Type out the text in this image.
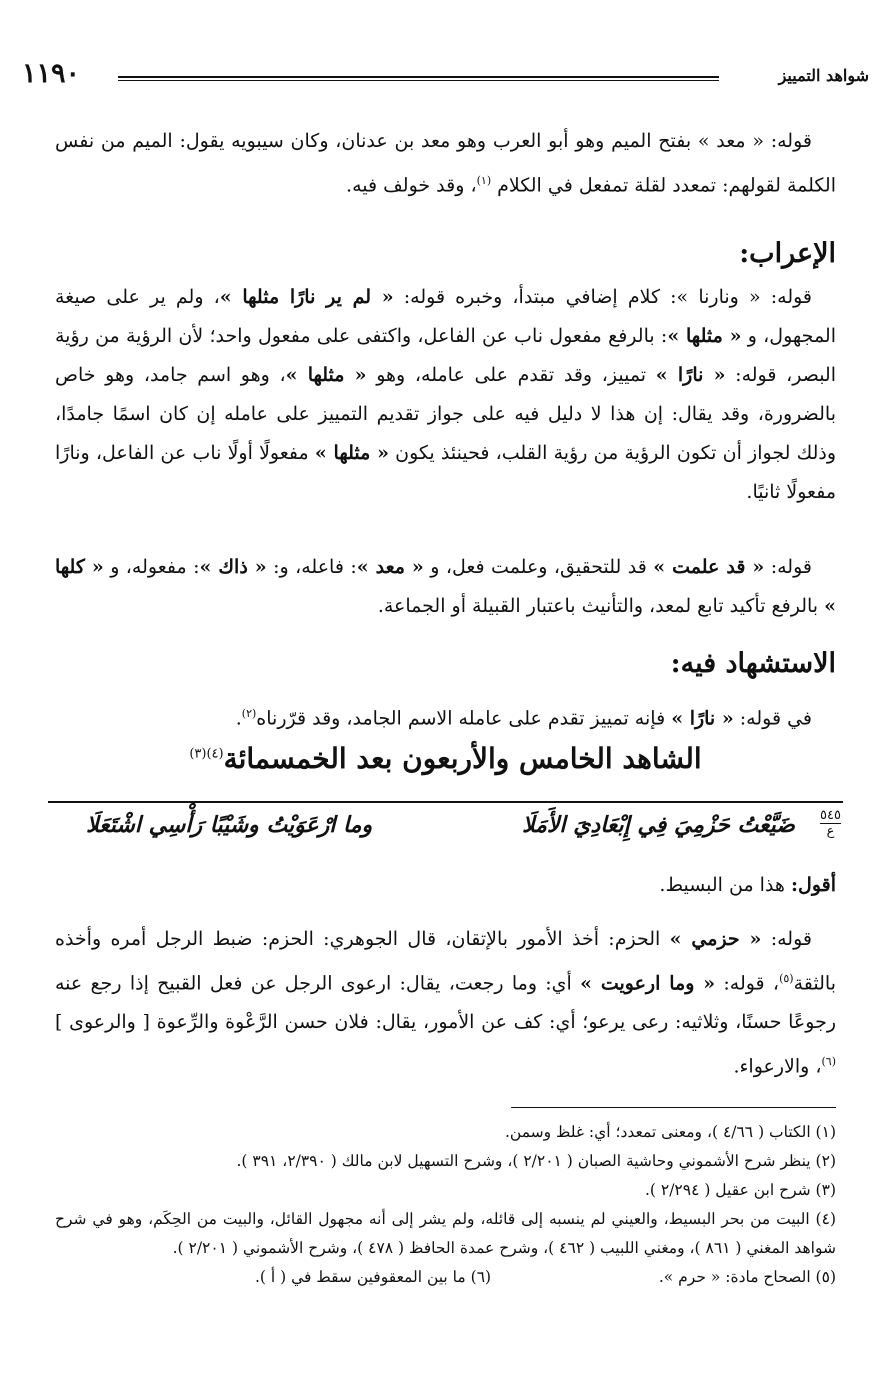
١١٩٠	شواهد التمييز
قوله: « معد » بفتح الميم وهو أبو العرب وهو معد بن عدنان، وكان سيبويه يقول: الميم من نفس الكلمة لقولهم: تمعدد لقلة تمفعل في الكلام $^{(١)}$، وقد خولف فيه.
الإعراب:
قوله: « ونارنا »: كلام إضافي مبتدأ، وخبره قوله: « لم ير نارًا مثلها »، ولم ير على صيغة المجهول، و « مثلها »: بالرفع مفعول ناب عن الفاعل، واكتفى على مفعول واحد؛ لأن الرؤية من رؤية البصر، قوله: « نارًا » تمييز، وقد تقدم على عامله، وهو « مثلها »، وهو اسم جامد، وهو خاص بالضرورة، وقد يقال: إن هذا لا دليل فيه على جواز تقديم التمييز على عامله إن كان اسمًا جامدًا، وذلك لجواز أن تكون الرؤية من رؤية القلب، فحينئذ يكون « مثلها » مفعولًا أولًا ناب عن الفاعل، ونارًا مفعولًا ثانيًا.
قوله: « قد علمت » قد للتحقيق، وعلمت فعل، و « معد »: فاعله، و: « ذاك »: مفعوله، و « كلها » بالرفع تأكيد تابع لمعد، والتأنيث باعتبار القبيلة أو الجماعة.
الاستشهاد فيه:
في قوله: « نارًا » فإنه تمييز تقدم على عامله الاسم الجامد، وقد قرّرناه$^{(٢)}$.
الشاهد الخامس والأربعون بعد الخمسمائة$^{(٤)(٣)}$
٥٤٥
ع
ضَيَّعْتُ حَزْمِيَ فِي إِبْعَادِيَ الأَمَلَا
وما ارْعَوَيْتُ وشَيْبًا رَأْسِي اشْتَعَلَا
أقول: هذا من البسيط.
قوله: « حزمي » الحزم: أخذ الأمور بالإتقان، قال الجوهري: الحزم: ضبط الرجل أمره وأخذه بالثقة$^{(٥)}$، قوله: « وما ارعويت » أي: وما رجعت، يقال: ارعوى الرجل عن فعل القبيح إذا رجع عنه رجوعًا حسنًا، وثلاثيه: رعى يرعو؛ أي: كف عن الأمور، يقال: فلان حسن الرَّعْوة والرِّعوة [ والرعوى ]$^{(٦)}$، والارعواء.
(١) الكتاب ( ٤/٦٦ )، ومعنى تمعدد؛ أي: غلظ وسمن.
(٢) ينظر شرح الأشموني وحاشية الصبان ( ٢/٢٠١ )، وشرح التسهيل لابن مالك ( ٢/٣٩٠، ٣٩١ ).
(٣) شرح ابن عقيل ( ٢/٢٩٤ ).
(٤) البيت من بحر البسيط، والعيني لم ينسبه إلى قائله، ولم يشر إلى أنه مجهول القائل، والبيت من الحِكَم، وهو في شرح شواهد المغني ( ٨٦١ )، ومغني اللبيب ( ٤٦٢ )، وشرح عمدة الحافظ ( ٤٧٨ )، وشرح الأشموني ( ٢/٢٠١ ).
(٥) الصحاح مادة: « حرم ».
(٦) ما بين المعقوفين سقط في ( أ ).
